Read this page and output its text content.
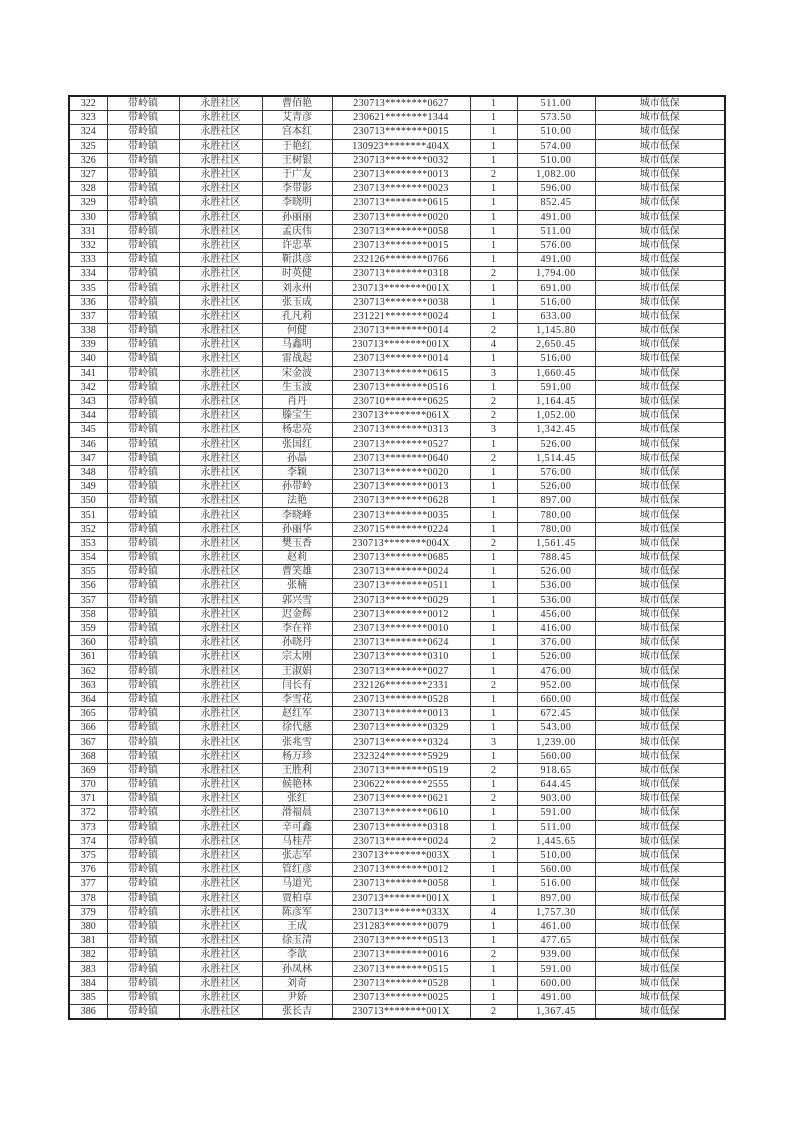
322	带岭镇	永胜社区	曹佰艳	230713********0627	1	511.00	城市低保
323	带岭镇	永胜社区	艾青彦	230621********1344	1	573.50	城市低保
324	带岭镇	永胜社区	宫本红	230713********0015	1	510.00	城市低保
325	带岭镇	永胜社区	于艳红	130923********404X	1	574.00	城市低保
326	带岭镇	永胜社区	王树银	230713********0032	1	510.00	城市低保
327	带岭镇	永胜社区	于广友	230713********0013	2	1,082.00	城市低保
328	带岭镇	永胜社区	李带影	230713********0023	1	596.00	城市低保
329	带岭镇	永胜社区	李晓明	230713********0615	1	852.45	城市低保
330	带岭镇	永胜社区	孙丽丽	230713********0020	1	491.00	城市低保
331	带岭镇	永胜社区	孟庆伟	230713********0058	1	511.00	城市低保
332	带岭镇	永胜社区	许忠革	230713********0015	1	576.00	城市低保
333	带岭镇	永胜社区	靳洪彦	232126********0766	1	491.00	城市低保
334	带岭镇	永胜社区	时英健	230713********0318	2	1,794.00	城市低保
335	带岭镇	永胜社区	刘永州	230713********001X	1	691.00	城市低保
336	带岭镇	永胜社区	张玉成	230713********0038	1	516.00	城市低保
337	带岭镇	永胜社区	孔凡莉	231221********0024	1	633.00	城市低保
338	带岭镇	永胜社区	何健	230713********0014	2	1,145.80	城市低保
339	带岭镇	永胜社区	马鑫明	230713********001X	4	2,650.45	城市低保
340	带岭镇	永胜社区	雷战起	230713********0014	1	516.00	城市低保
341	带岭镇	永胜社区	宋金波	230713********0615	3	1,660.45	城市低保
342	带岭镇	永胜社区	生玉波	230713********0516	1	591.00	城市低保
343	带岭镇	永胜社区	肖丹	230710********0625	2	1,164.45	城市低保
344	带岭镇	永胜社区	滕宝生	230713********061X	2	1,052.00	城市低保
345	带岭镇	永胜社区	杨忠亮	230713********0313	3	1,342.45	城市低保
346	带岭镇	永胜社区	张国红	230713********0527	1	526.00	城市低保
347	带岭镇	永胜社区	孙晶	230713********0640	2	1,514.45	城市低保
348	带岭镇	永胜社区	李颖	230713********0020	1	576.00	城市低保
349	带岭镇	永胜社区	孙带岭	230713********0013	1	526.00	城市低保
350	带岭镇	永胜社区	法艳	230713********0628	1	897.00	城市低保
351	带岭镇	永胜社区	李晓峰	230713********0035	1	780.00	城市低保
352	带岭镇	永胜社区	孙丽华	230715********0224	1	780.00	城市低保
353	带岭镇	永胜社区	樊玉香	230713********004X	2	1,561.45	城市低保
354	带岭镇	永胜社区	赵莉	230713********0685	1	788.45	城市低保
355	带岭镇	永胜社区	曹笑雄	230713********0024	1	526.00	城市低保
356	带岭镇	永胜社区	张楠	230713********0511	1	536.00	城市低保
357	带岭镇	永胜社区	郭兴雪	230713********0029	1	536.00	城市低保
358	带岭镇	永胜社区	迟金辉	230713********0012	1	456.00	城市低保
359	带岭镇	永胜社区	李在祥	230713********0010	1	416.00	城市低保
360	带岭镇	永胜社区	孙晓丹	230713********0624	1	376.00	城市低保
361	带岭镇	永胜社区	宗太刚	230713********0310	1	526.00	城市低保
362	带岭镇	永胜社区	王淑娟	230713********0027	1	476.00	城市低保
363	带岭镇	永胜社区	闫长有	232126********2331	2	952.00	城市低保
364	带岭镇	永胜社区	李雪花	230713********0528	1	660.00	城市低保
365	带岭镇	永胜社区	赵红军	230713********0013	1	672.45	城市低保
366	带岭镇	永胜社区	徐代慈	230713********0329	1	543.00	城市低保
367	带岭镇	永胜社区	张兆雪	230713********0324	3	1,239.00	城市低保
368	带岭镇	永胜社区	杨万珍	232324********5929	1	560.00	城市低保
369	带岭镇	永胜社区	王胜利	230713********0519	2	918.65	城市低保
370	带岭镇	永胜社区	候艳林	230622********2555	1	644.45	城市低保
371	带岭镇	永胜社区	张红	230713********0621	2	903.00	城市低保
372	带岭镇	永胜社区	滑福晨	230713********0610	1	591.00	城市低保
373	带岭镇	永胜社区	辛可鑫	230713********0318	1	511.00	城市低保
374	带岭镇	永胜社区	马桂芹	230713********0024	2	1,445.65	城市低保
375	带岭镇	永胜社区	张志军	230713********003X	1	510.00	城市低保
376	带岭镇	永胜社区	管红彦	230713********0012	1	560.00	城市低保
377	带岭镇	永胜社区	马道光	230713********0058	1	516.00	城市低保
378	带岭镇	永胜社区	贾柏卓	230713********001X	1	897.00	城市低保
379	带岭镇	永胜社区	陈彦军	230713********033X	4	1,757.30	城市低保
380	带岭镇	永胜社区	王成	231283********0079	1	461.00	城市低保
381	带岭镇	永胜社区	徐玉清	230713********0513	1	477.65	城市低保
382	带岭镇	永胜社区	李歆	230713********0016	2	939.00	城市低保
383	带岭镇	永胜社区	孙凤林	230713********0515	1	591.00	城市低保
384	带岭镇	永胜社区	刘奇	230713********0528	1	600.00	城市低保
385	带岭镇	永胜社区	尹娇	230713********0025	1	491.00	城市低保
386	带岭镇	永胜社区	张长吉	230713********001X	2	1,367.45	城市低保
